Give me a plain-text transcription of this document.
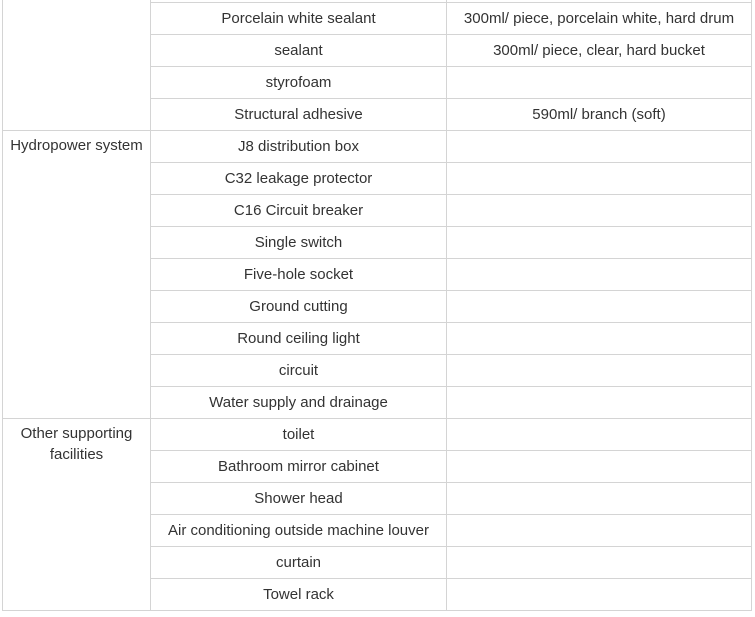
	Porcelain white sealant	300ml/ piece, porcelain white, hard drum
	sealant	300ml/ piece, clear, hard bucket
	styrofoam	
	Structural adhesive	590ml/ branch (soft)
Hydropower system	J8 distribution box	
	C32 leakage protector	
	C16 Circuit breaker	
	Single switch	
	Five-hole socket	
	Ground cutting	
	Round ceiling light	
	circuit	
	Water supply and drainage	
Other supporting facilities	toilet	
	Bathroom mirror cabinet	
	Shower head	
	Air conditioning outside machine louver	
	curtain	
	Towel rack	
